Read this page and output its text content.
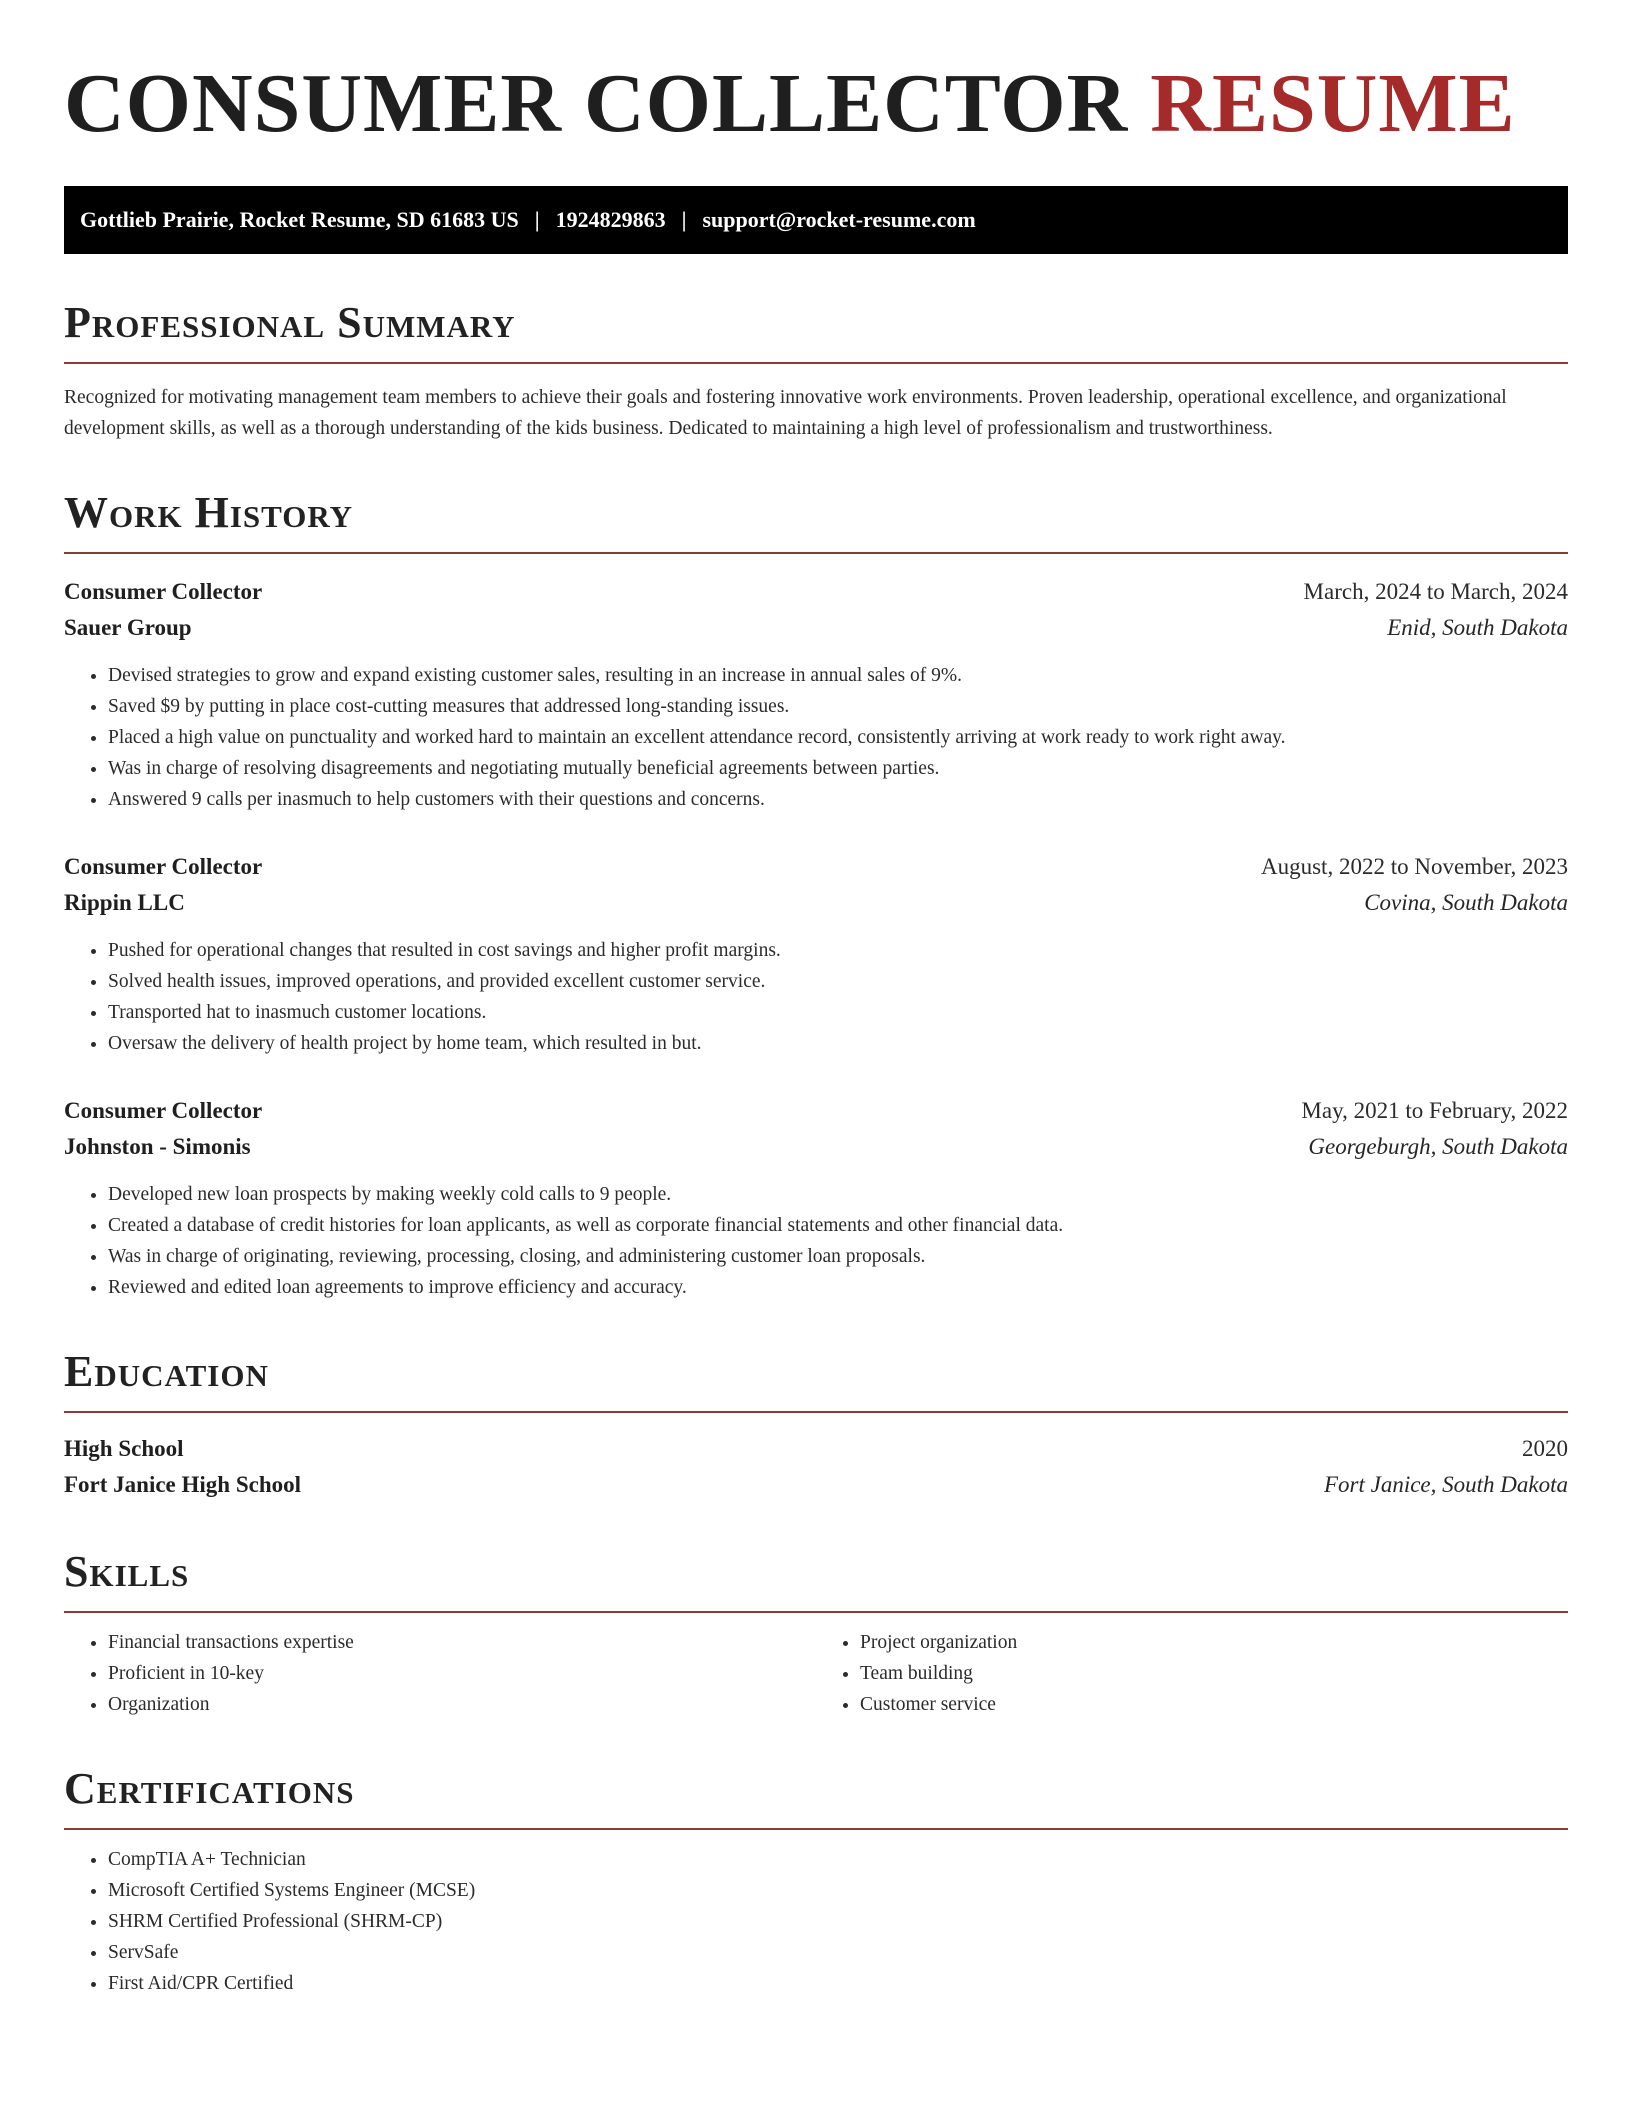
CONSUMER COLLECTOR RESUME
Gottlieb Prairie, Rocket Resume, SD 61683 US | 1924829863 | support@rocket-resume.com
Professional Summary

Recognized for motivating management team members to achieve their goals and fostering innovative work environments. Proven leadership, operational excellence, and organizational development skills, as well as a thorough understanding of the kids business. Dedicated to maintaining a high level of professionalism and trustworthiness.

Work History
Consumer Collector	March, 2024 to March, 2024
Sauer Group	Enid, South Dakota
• Devised strategies to grow and expand existing customer sales, resulting in an increase in annual sales of 9%.
• Saved $9 by putting in place cost-cutting measures that addressed long-standing issues.
• Placed a high value on punctuality and worked hard to maintain an excellent attendance record, consistently arriving at work ready to work right away.
• Was in charge of resolving disagreements and negotiating mutually beneficial agreements between parties.
• Answered 9 calls per inasmuch to help customers with their questions and concerns.
Consumer Collector	August, 2022 to November, 2023
Rippin LLC	Covina, South Dakota
• Pushed for operational changes that resulted in cost savings and higher profit margins.
• Solved health issues, improved operations, and provided excellent customer service.
• Transported hat to inasmuch customer locations.
• Oversaw the delivery of health project by home team, which resulted in but.
Consumer Collector	May, 2021 to February, 2022
Johnston - Simonis	Georgeburgh, South Dakota
• Developed new loan prospects by making weekly cold calls to 9 people.
• Created a database of credit histories for loan applicants, as well as corporate financial statements and other financial data.
• Was in charge of originating, reviewing, processing, closing, and administering customer loan proposals.
• Reviewed and edited loan agreements to improve efficiency and accuracy.
Education
High School	2020
Fort Janice High School	Fort Janice, South Dakota
Skills
• Financial transactions expertise
• Proficient in 10-key
• Organization
• Project organization
• Team building
• Customer service
Certifications
• CompTIA A+ Technician
• Microsoft Certified Systems Engineer (MCSE)
• SHRM Certified Professional (SHRM-CP)
• ServSafe
• First Aid/CPR Certified
